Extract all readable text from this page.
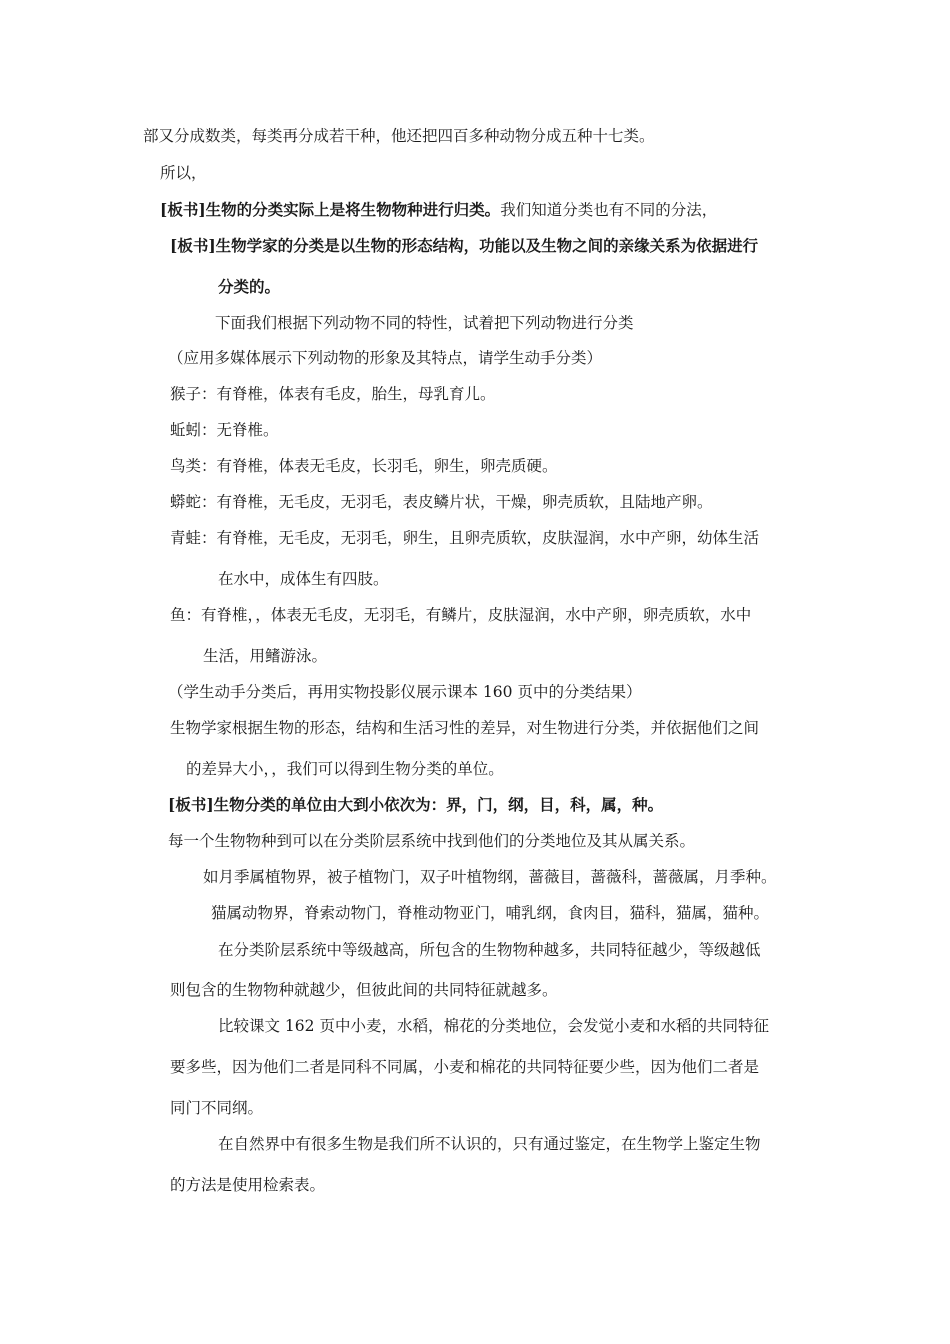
部又分成数类，每类再分成若干种，他还把四百多种动物分成五种十七类。
所以，
[板书]生物的分类实际上是将生物物种进行归类。我们知道分类也有不同的分法，
[板书]生物学家的分类是以生物的形态结构，功能以及生物之间的亲缘关系为依据进行
分类的。
下面我们根据下列动物不同的特性，试着把下列动物进行分类
（应用多媒体展示下列动物的形象及其特点，请学生动手分类）
猴子：有脊椎，体表有毛皮，胎生，母乳育儿。
蚯蚓：无脊椎。
鸟类：有脊椎，体表无毛皮，长羽毛，卵生，卵壳质硬。
蟒蛇：有脊椎，无毛皮，无羽毛，表皮鳞片状，干燥，卵壳质软，且陆地产卵。
青蛙：有脊椎，无毛皮，无羽毛，卵生，且卵壳质软，皮肤湿润，水中产卵，幼体生活
在水中，成体生有四肢。
鱼：有脊椎，，体表无毛皮，无羽毛，有鳞片，皮肤湿润，水中产卵，卵壳质软，水中
生活，用鳍游泳。
（学生动手分类后，再用实物投影仪展示课本 160 页中的分类结果）
生物学家根据生物的形态，结构和生活习性的差异，对生物进行分类，并依据他们之间
的差异大小，，我们可以得到生物分类的单位。
[板书]生物分类的单位由大到小依次为：界，门，纲，目，科，属，种。
每一个生物物种到可以在分类阶层系统中找到他们的分类地位及其从属关系。
如月季属植物界，被子植物门，双子叶植物纲，蔷薇目，蔷薇科，蔷薇属，月季种。
猫属动物界，脊索动物门，脊椎动物亚门，哺乳纲，食肉目，猫科，猫属，猫种。
在分类阶层系统中等级越高，所包含的生物物种越多，共同特征越少，等级越低
则包含的生物物种就越少，但彼此间的共同特征就越多。
比较课文 162 页中小麦，水稻，棉花的分类地位，会发觉小麦和水稻的共同特征
要多些，因为他们二者是同科不同属，小麦和棉花的共同特征要少些，因为他们二者是
同门不同纲。
在自然界中有很多生物是我们所不认识的，只有通过鉴定，在生物学上鉴定生物
的方法是使用检索表。
